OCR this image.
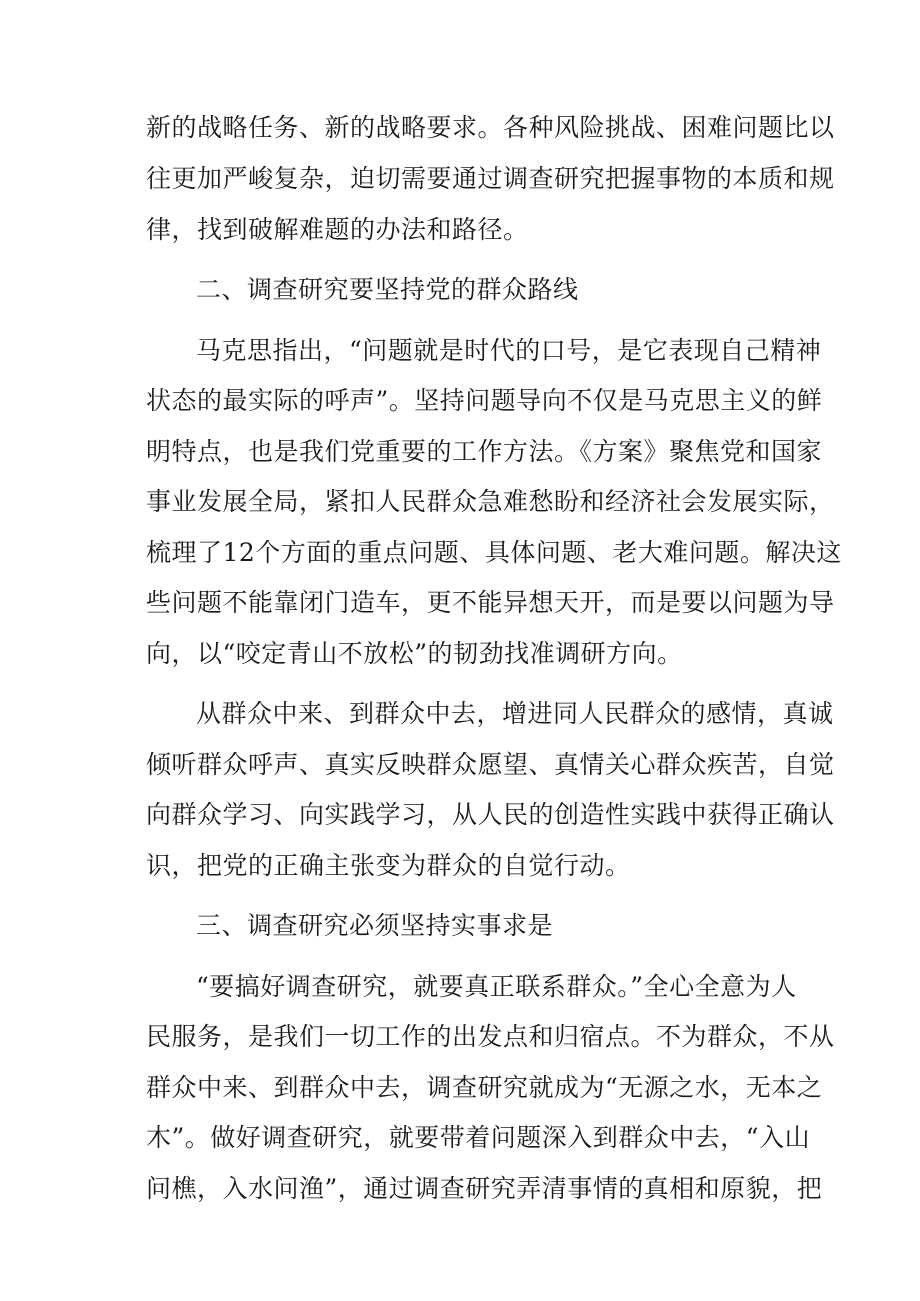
新的战略任务、新的战略要求。各种风险挑战、困难问题比以
往更加严峻复杂，迫切需要通过调查研究把握事物的本质和规
律，找到破解难题的办法和路径。
二、调查研究要坚持党的群众路线
马克思指出，“问题就是时代的口号，是它表现自己精神
状态的最实际的呼声”。坚持问题导向不仅是马克思主义的鲜
明特点，也是我们党重要的工作方法。《方案》聚焦党和国家
事业发展全局，紧扣人民群众急难愁盼和经济社会发展实际，
梳理了12个方面的重点问题、具体问题、老大难问题。解决这
些问题不能靠闭门造车，更不能异想天开，而是要以问题为导
向，以“咬定青山不放松”的韧劲找准调研方向。
从群众中来、到群众中去，增进同人民群众的感情，真诚
倾听群众呼声、真实反映群众愿望、真情关心群众疾苦，自觉
向群众学习、向实践学习，从人民的创造性实践中获得正确认
识，把党的正确主张变为群众的自觉行动。
三、调查研究必须坚持实事求是
“要搞好调查研究，就要真正联系群众。”全心全意为人
民服务，是我们一切工作的出发点和归宿点。不为群众，不从
群众中来、到群众中去，调查研究就成为“无源之水，无本之
木”。做好调查研究，就要带着问题深入到群众中去，“入山
问樵，入水问渔”，通过调查研究弄清事情的真相和原貌，把
